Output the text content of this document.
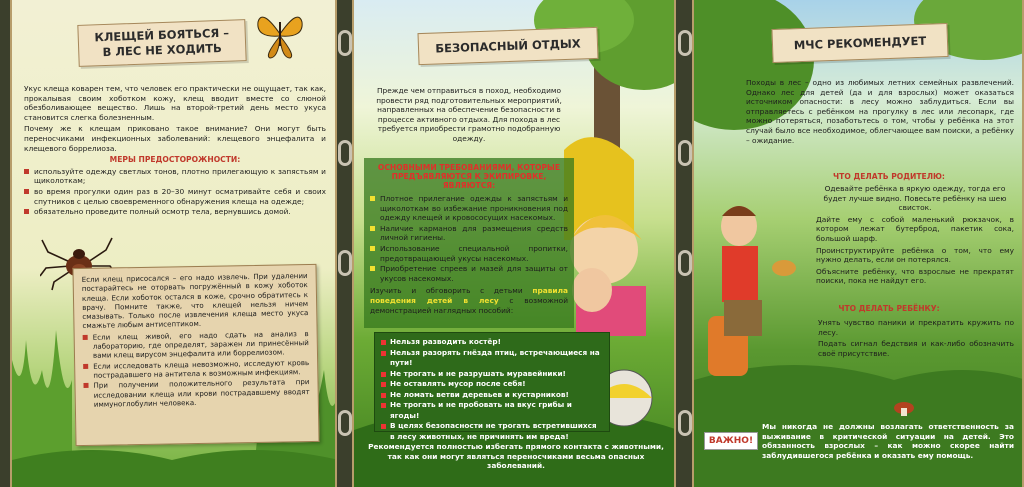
КЛЕЩЕЙ БОЯТЬСЯ –
В ЛЕС НЕ ХОДИТЬ

Укус клеща коварен тем, что человек его практически не ощущает, так как, прокалывая своим хоботком кожу, клещ вводит вместе со слюной обезболивающее вещество. Лишь на второй-третий день место укуса становится слегка болезненным.

Почему же к клещам приковано такое внимание? Они могут быть переносчиками инфекционных заболеваний: клещевого энцефалита и клещевого боррелиоза.

МЕРЫ ПРЕДОСТОРОЖНОСТИ:
используйте одежду светлых тонов, плотно прилегающую к запястьям и щиколоткам;
во время прогулки один раз в 20–30 минут осматривайте себя и своих спутников с целью своевременного обнаружения клеща на одежде;
обязательно проведите полный осмотр тела, вернувшись домой.

Если клещ присосался – его надо извлечь. При удалении постарайтесь не оторвать погружённый в кожу хоботок клеща. Если хоботок остался в коже, срочно обратитесь к врачу. Помните также, что клещей нельзя ничем смазывать. Только после извлечения клеща место укуса смажьте любым антисептиком.

Если клещ живой, его надо сдать на анализ в лабораторию, где определят, заражен ли принесённый вами клещ вирусом энцефалита или боррелиозом.
Если исследовать клеща невозможно, исследуют кровь пострадавшего на антитела к возможным инфекциям.
При получении положительного результата при исследовании клеща или крови пострадавшему вводят иммуноглобулин человека.
БЕЗОПАСНЫЙ ОТДЫХ
Прежде чем отправиться в поход, необходимо провести ряд подготовительных мероприятий, направленных на обеспечение безопасности в процессе активного отдыха. Для похода в лес требуется приобрести грамотно подобранную одежду.
ОСНОВНЫМИ ТРЕБОВАНИЯМИ, КОТОРЫЕ ПРЕДЪЯВЛЯЮТСЯ К ЭКИПИРОВКЕ, ЯВЛЯЮТСЯ:
Плотное прилегание одежды к запястьям и щиколоткам во избежание проникновения под одежду клещей и кровососущих насекомых.
Наличие карманов для размещения средств личной гигиены.
Использование специальной пропитки, предотвращающей укусы насекомых.
Приобретение спреев и мазей для защиты от укусов насекомых.
Изучить и обговорить с детьми правила поведения детей в лесу с возможной демонстрацией наглядных пособий:
Нельзя разводить костёр!
Нельзя разорять гнёзда птиц, встречающиеся на пути!
Не трогать и не разрушать муравейники!
Не оставлять мусор после себя!
Не ломать ветви деревьев и кустарников!
Не трогать и не пробовать на вкус грибы и ягоды!
В целях безопасности не трогать встретившихся в лесу животных, не причинять им вреда!
Рекомендуется полностью избегать прямого контакта с животными, так как они могут являться переносчиками весьма опасных заболеваний.
МЧС РЕКОМЕНДУЕТ
Походы в лес – одно из любимых летних семейных развлечений. Однако лес для детей (да и для взрослых) может оказаться источником опасности: в лесу можно заблудиться. Если вы отправляетесь с ребёнком на прогулку в лес или лесопарк, где можно потеряться, позаботьтесь о том, чтобы у ребёнка на этот случай было все необходимое, облегчающее вам поиски, а ребёнку – ожидание.
ЧТО ДЕЛАТЬ РОДИТЕЛЮ:

Одевайте ребёнка в яркую одежду, тогда его будет лучше видно. Повесьте ребёнку на шею свисток.

Дайте ему с собой маленький рюкзачок, в котором лежат бутерброд, пакетик сока, большой шарф.

Проинструктируйте ребёнка о том, что ему нужно делать, если он потерялся.

Объясните ребёнку, что взрослые не прекратят поиски, пока не найдут его.

ЧТО ДЕЛАТЬ РЕБЁНКУ:

Унять чувство паники и прекратить кружить по лесу.

Подать сигнал бедствия и как-либо обозначить своё присутствие.

ВАЖНО!
Мы никогда не должны возлагать ответственность за выживание в критической ситуации на детей. Это обязанность взрослых – как можно скорее найти заблудившегося ребёнка и оказать ему помощь.
